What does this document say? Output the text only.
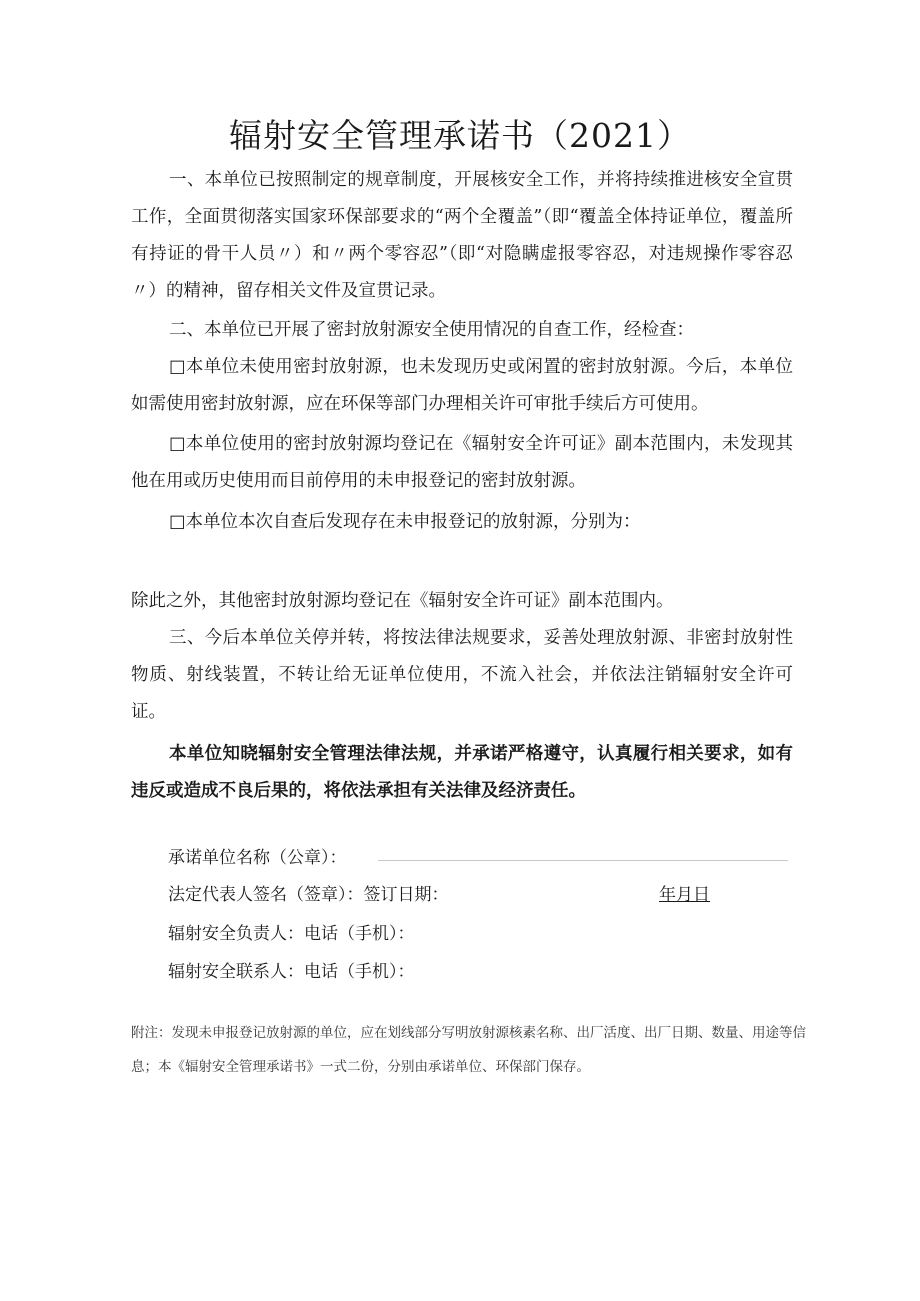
辐射安全管理承诺书（2021）

一、本单位已按照制定的规章制度，开展核安全工作，并将持续推进核安全宣贯工作，全面贯彻落实国家环保部要求的“两个全覆盖”（即“覆盖全体持证单位，覆盖所有持证的骨干人员〃）和〃两个零容忍”（即“对隐瞒虚报零容忍，对违规操作零容忍〃）的精神，留存相关文件及宣贯记录。

二、本单位已开展了密封放射源安全使用情况的自查工作，经检查：

□本单位未使用密封放射源，也未发现历史或闲置的密封放射源。今后，本单位如需使用密封放射源，应在环保等部门办理相关许可审批手续后方可使用。

□本单位使用的密封放射源均登记在《辐射安全许可证》副本范围内，未发现其他在用或历史使用而目前停用的未申报登记的密封放射源。

□本单位本次自查后发现存在未申报登记的放射源，分别为：

除此之外，其他密封放射源均登记在《辐射安全许可证》副本范围内。

三、今后本单位关停并转，将按法律法规要求，妥善处理放射源、非密封放射性物质、射线装置，不转让给无证单位使用，不流入社会，并依法注销辐射安全许可证。

本单位知晓辐射安全管理法律法规，并承诺严格遵守，认真履行相关要求，如有违反或造成不良后果的，将依法承担有关法律及经济责任。

承诺单位名称（公章）：
法定代表人签名（签章）：签订日期：	年月日
辐射安全负责人：电话（手机）：
辐射安全联系人：电话（手机）：

附注：发现未申报登记放射源的单位，应在划线部分写明放射源核素名称、出厂活度、出厂日期、数量、用途等信息；本《辐射安全管理承诺书》一式二份，分别由承诺单位、环保部门保存。
